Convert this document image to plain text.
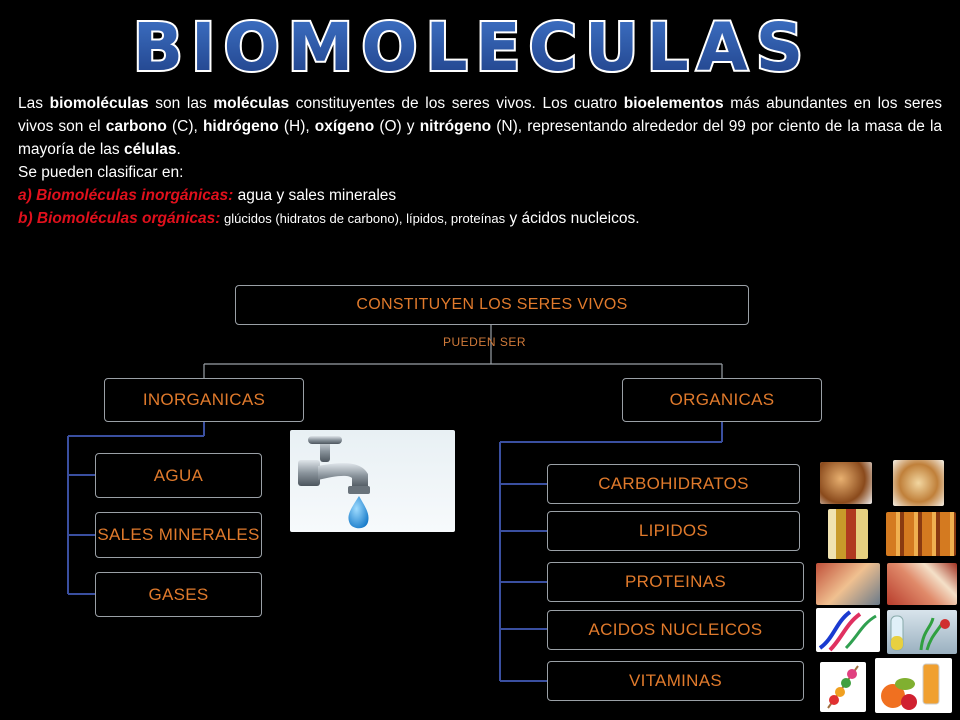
BIOMOLECULAS

Las biomoléculas son las moléculas constituyentes de los seres vivos. Los cuatro bioelementos más abundantes en los seres vivos son el carbono (C), hidrógeno (H), oxígeno (O) y nitrógeno (N), representando alrededor del 99 por ciento de la masa de la mayoría de las células.

Se pueden clasificar en:

a) Biomoléculas inorgánicas: agua y sales minerales

b) Biomoléculas orgánicas: glúcidos (hidratos de carbono), lípidos, proteínas y ácidos nucleicos.

CONSTITUYEN LOS SERES VIVOS
PUEDEN SER
INORGANICAS	ORGANICAS
AGUA
SALES MINERALES
GASES
CARBOHIDRATOS
LIPIDOS
PROTEINAS
ACIDOS NUCLEICOS
VITAMINAS
